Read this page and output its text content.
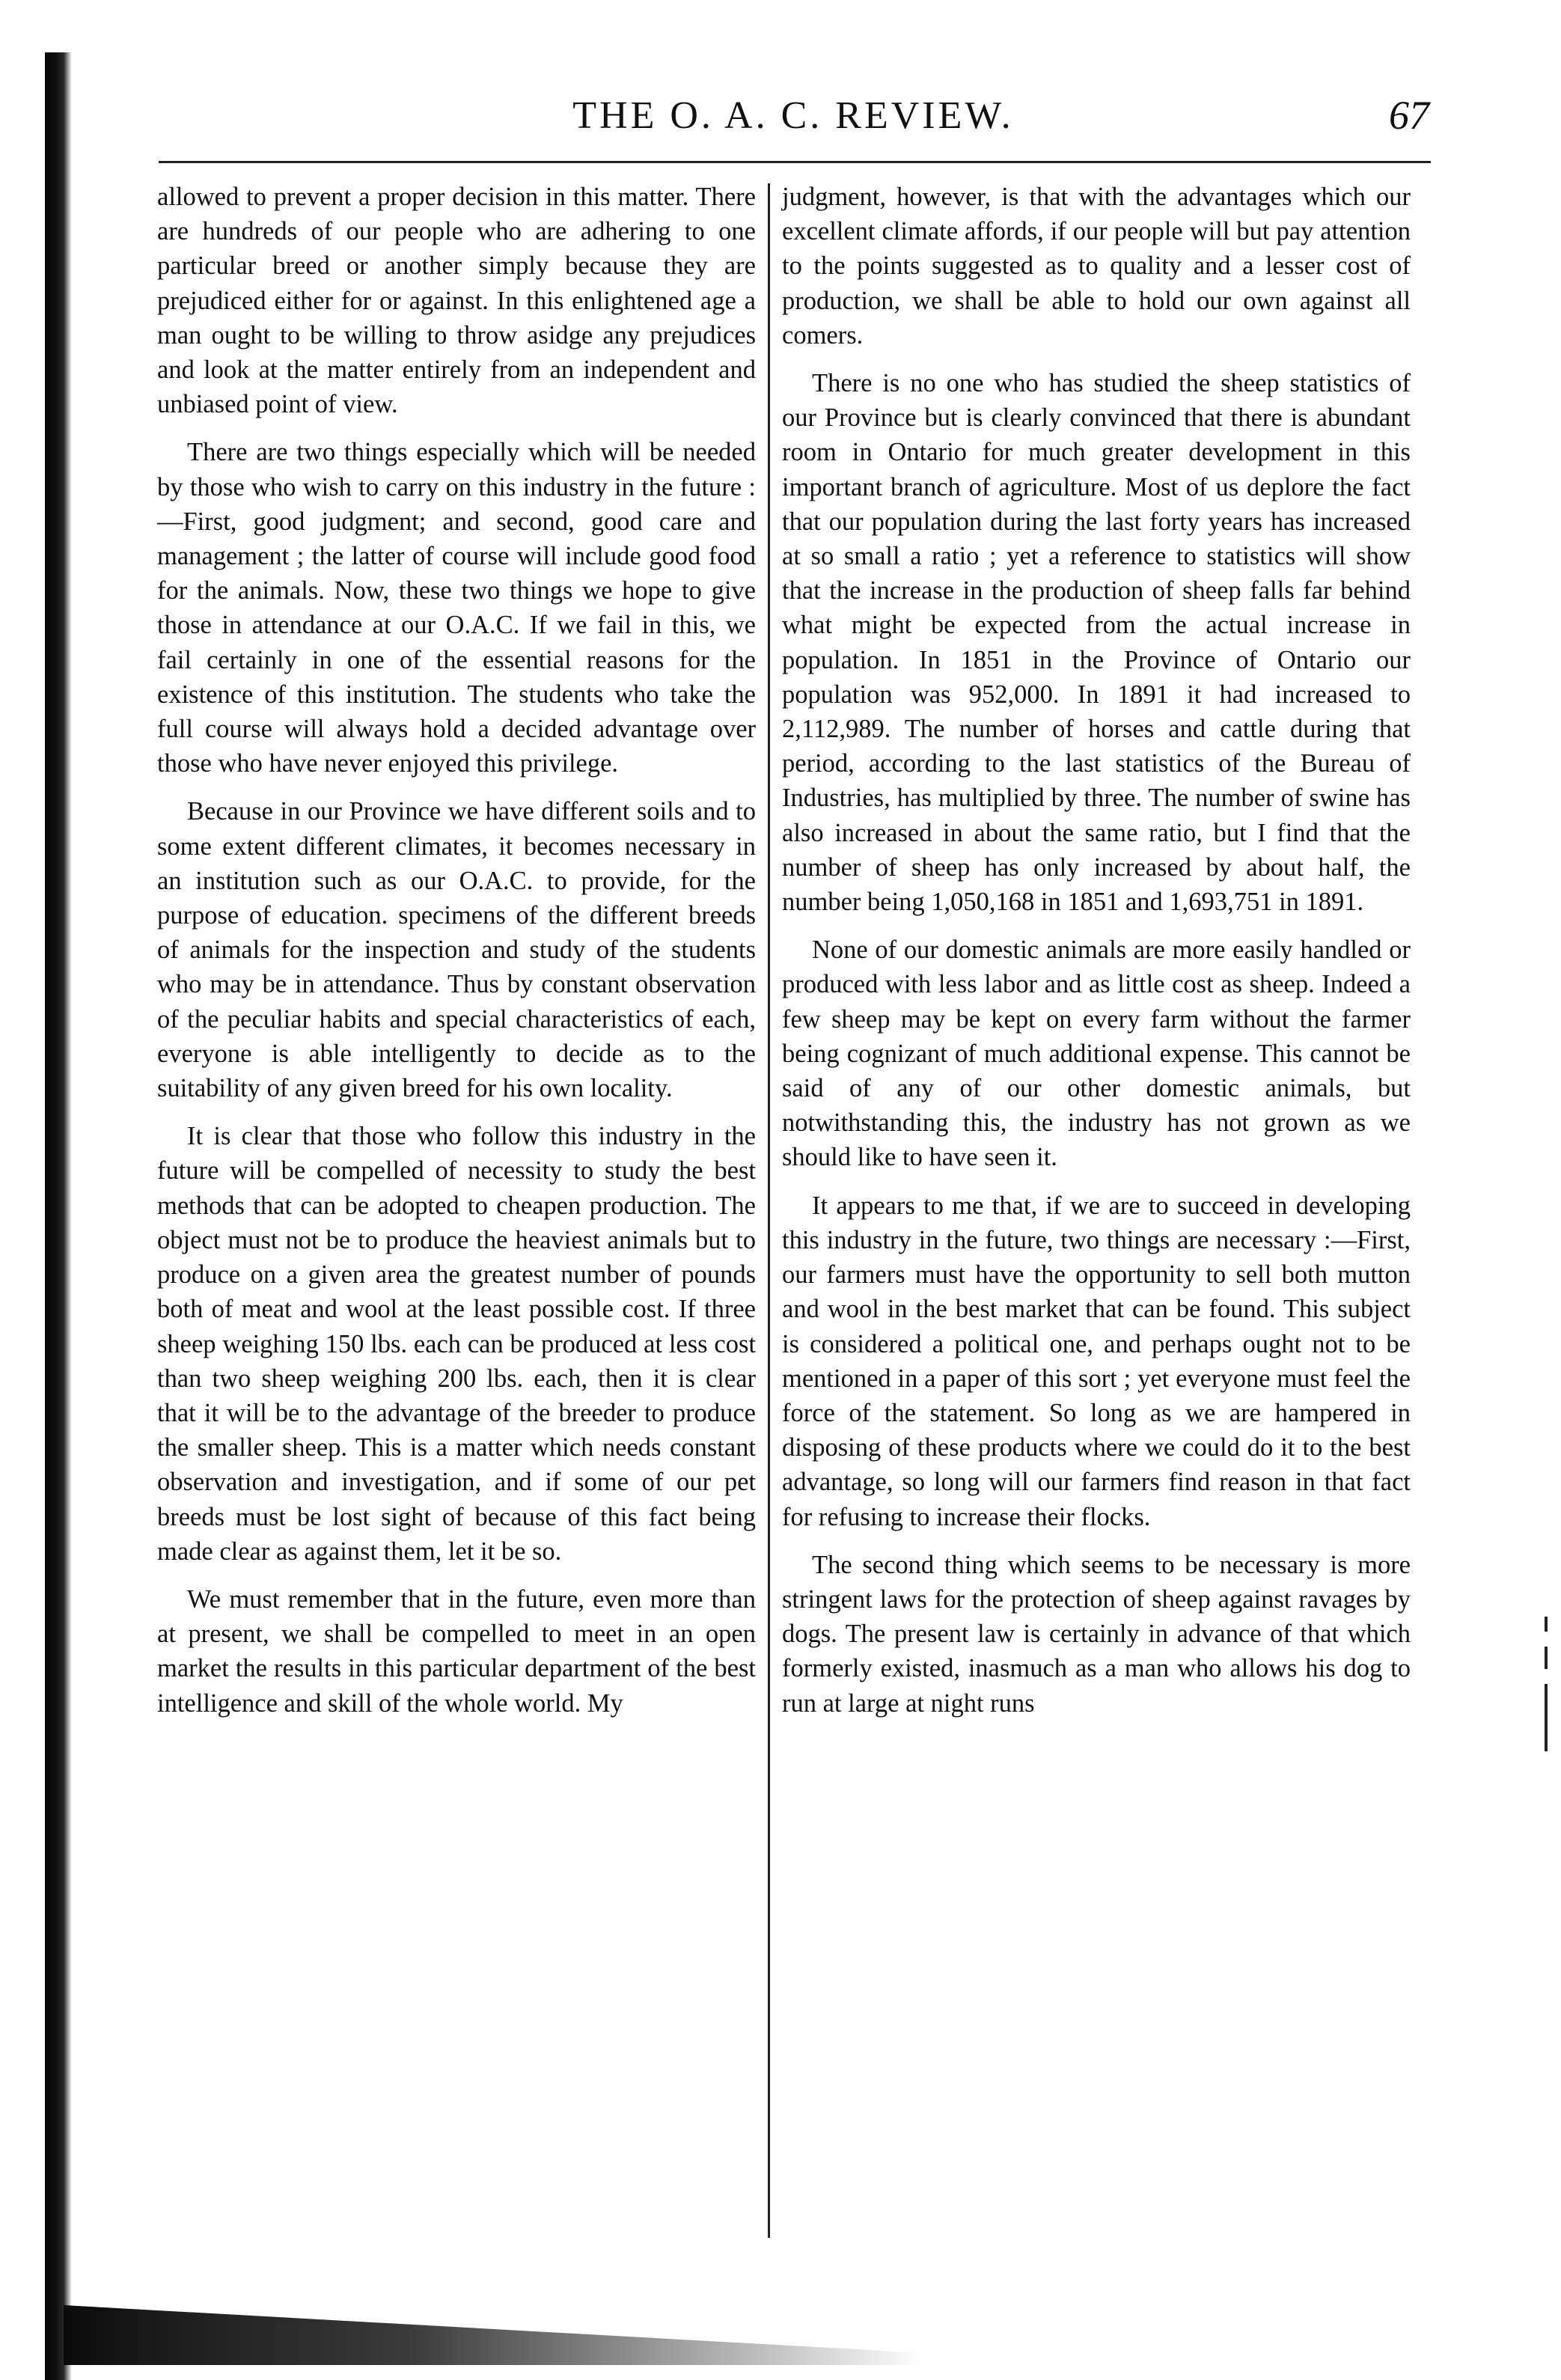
THE O. A. C. REVIEW.	67

allowed to prevent a proper decision in this matter. There are hundreds of our people who are adhering to one particular breed or another simply because they are prejudiced either for or against. In this enlightened age a man ought to be willing to throw asidge any prejudices and look at the matter entirely from an independent and unbiased point of view.

There are two things especially which will be needed by those who wish to carry on this industry in the future :—First, good judgment; and second, good care and management ; the latter of course will include good food for the animals. Now, these two things we hope to give those in attendance at our O.A.C. If we fail in this, we fail certainly in one of the essential reasons for the existence of this institution. The students who take the full course will always hold a decided advantage over those who have never enjoyed this privilege.

Because in our Province we have different soils and to some extent different climates, it becomes necessary in an institution such as our O.A.C. to provide, for the purpose of education. specimens of the different breeds of animals for the inspection and study of the students who may be in attendance. Thus by constant observation of the peculiar habits and special characteristics of each, everyone is able intelligently to decide as to the suitability of any given breed for his own locality.

It is clear that those who follow this industry in the future will be compelled of necessity to study the best methods that can be adopted to cheapen production. The object must not be to produce the heaviest animals but to produce on a given area the greatest number of pounds both of meat and wool at the least possible cost. If three sheep weighing 150 lbs. each can be produced at less cost than two sheep weighing 200 lbs. each, then it is clear that it will be to the advantage of the breeder to produce the smaller sheep. This is a matter which needs constant observation and investigation, and if some of our pet breeds must be lost sight of because of this fact being made clear as against them, let it be so.

We must remember that in the future, even more than at present, we shall be compelled to meet in an open market the results in this particular department of the best intelligence and skill of the whole world. My

judgment, however, is that with the advantages which our excellent climate affords, if our people will but pay attention to the points suggested as to quality and a lesser cost of production, we shall be able to hold our own against all comers.

There is no one who has studied the sheep statistics of our Province but is clearly convinced that there is abundant room in Ontario for much greater development in this important branch of agriculture. Most of us deplore the fact that our population during the last forty years has increased at so small a ratio ; yet a reference to statistics will show that the increase in the production of sheep falls far behind what might be expected from the actual increase in population. In 1851 in the Province of Ontario our population was 952,000. In 1891 it had increased to 2,112,989. The number of horses and cattle during that period, according to the last statistics of the Bureau of Industries, has multiplied by three. The number of swine has also increased in about the same ratio, but I find that the number of sheep has only increased by about half, the number being 1,050,168 in 1851 and 1,693,751 in 1891.

None of our domestic animals are more easily handled or produced with less labor and as little cost as sheep. Indeed a few sheep may be kept on every farm without the farmer being cognizant of much additional expense. This cannot be said of any of our other domestic animals, but notwithstanding this, the industry has not grown as we should like to have seen it.

It appears to me that, if we are to succeed in developing this industry in the future, two things are necessary :—First, our farmers must have the opportunity to sell both mutton and wool in the best market that can be found. This subject is considered a political one, and perhaps ought not to be mentioned in a paper of this sort ; yet everyone must feel the force of the statement. So long as we are hampered in disposing of these products where we could do it to the best advantage, so long will our farmers find reason in that fact for refusing to increase their flocks.

The second thing which seems to be necessary is more stringent laws for the protection of sheep against ravages by dogs. The present law is certainly in advance of that which formerly existed, inasmuch as a man who allows his dog to run at large at night runs
